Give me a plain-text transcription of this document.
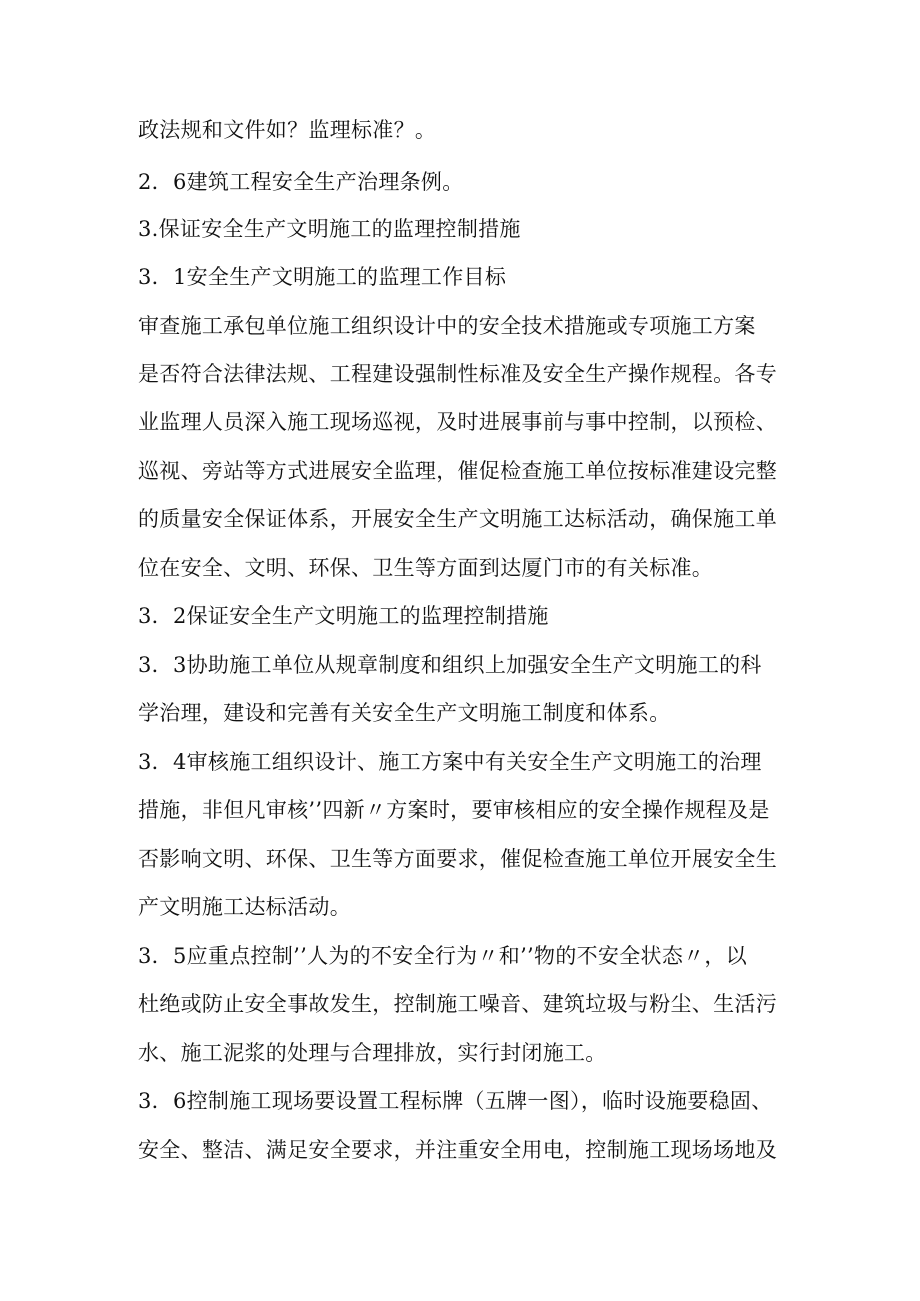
政法规和文件如？监理标准？。
2．6建筑工程安全生产治理条例。
3.保证安全生产文明施工的监理控制措施
3．1安全生产文明施工的监理工作目标
审查施工承包单位施工组织设计中的安全技术措施或专项施工方案
是否符合法律法规、工程建设强制性标准及安全生产操作规程。各专
业监理人员深入施工现场巡视，及时进展事前与事中控制，以预检、
巡视、旁站等方式进展安全监理，催促检查施工单位按标准建设完整
的质量安全保证体系，开展安全生产文明施工达标活动，确保施工单
位在安全、文明、环保、卫生等方面到达厦门市的有关标准。
3．2保证安全生产文明施工的监理控制措施
3．3协助施工单位从规章制度和组织上加强安全生产文明施工的科
学治理，建设和完善有关安全生产文明施工制度和体系。
3．4审核施工组织设计、施工方案中有关安全生产文明施工的治理
措施，非但凡审核’’四新〃方案时，要审核相应的安全操作规程及是
否影响文明、环保、卫生等方面要求，催促检查施工单位开展安全生
产文明施工达标活动。
3．5应重点控制’’人为的不安全行为〃和’’物的不安全状态〃，以
杜绝或防止安全事故发生，控制施工噪音、建筑垃圾与粉尘、生活污
水、施工泥浆的处理与合理排放，实行封闭施工。
3．6控制施工现场要设置工程标牌（五牌一图），临时设施要稳固、
安全、整洁、满足安全要求，并注重安全用电，控制施工现场场地及
